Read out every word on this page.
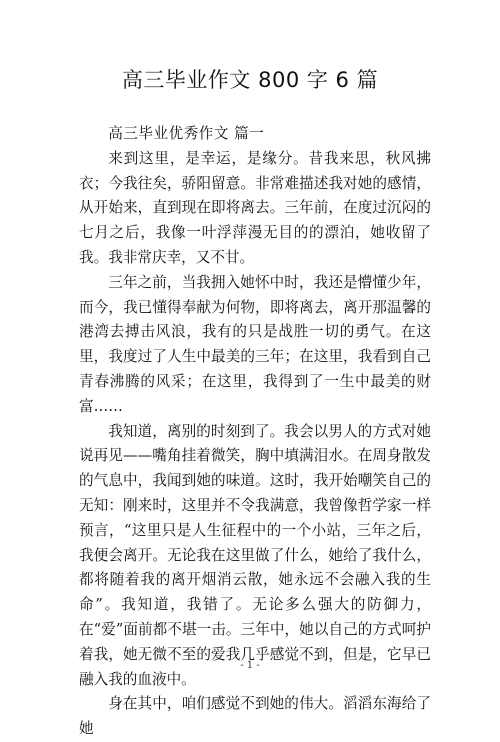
高三毕业作文 800 字 6 篇
高三毕业优秀作文 篇一

来到这里，是幸运，是缘分。昔我来思，秋风拂衣；今我往矣，骄阳留意。非常难描述我对她的感情，从开始来，直到现在即将离去。三年前，在度过沉闷的七月之后，我像一叶浮萍漫无目的的漂泊，她收留了我。我非常庆幸，又不甘。

三年之前，当我拥入她怀中时，我还是懵懂少年，而今，我已懂得奉献为何物，即将离去，离开那温馨的港湾去搏击风浪，我有的只是战胜一切的勇气。在这里，我度过了人生中最美的三年；在这里，我看到自己青春沸腾的风采；在这里，我得到了一生中最美的财富……

我知道，离别的时刻到了。我会以男人的方式对她说再见——嘴角挂着微笑，胸中填满泪水。在周身散发的气息中，我闻到她的味道。这时，我开始嘲笑自己的无知：刚来时，这里并不令我满意，我曾像哲学家一样预言，“这里只是人生征程中的一个小站，三年之后，我便会离开。无论我在这里做了什么，她给了我什么，都将随着我的离开烟消云散，她永远不会融入我的生命”。我知道，我错了。无论多么强大的防御力，在“爱”面前都不堪一击。三年中，她以自己的方式呵护着我，她无微不至的爱我几乎感觉不到，但是，它早已融入我的血液中。

身在其中，咱们感觉不到她的伟大。滔滔东海给了她

- 1 -
